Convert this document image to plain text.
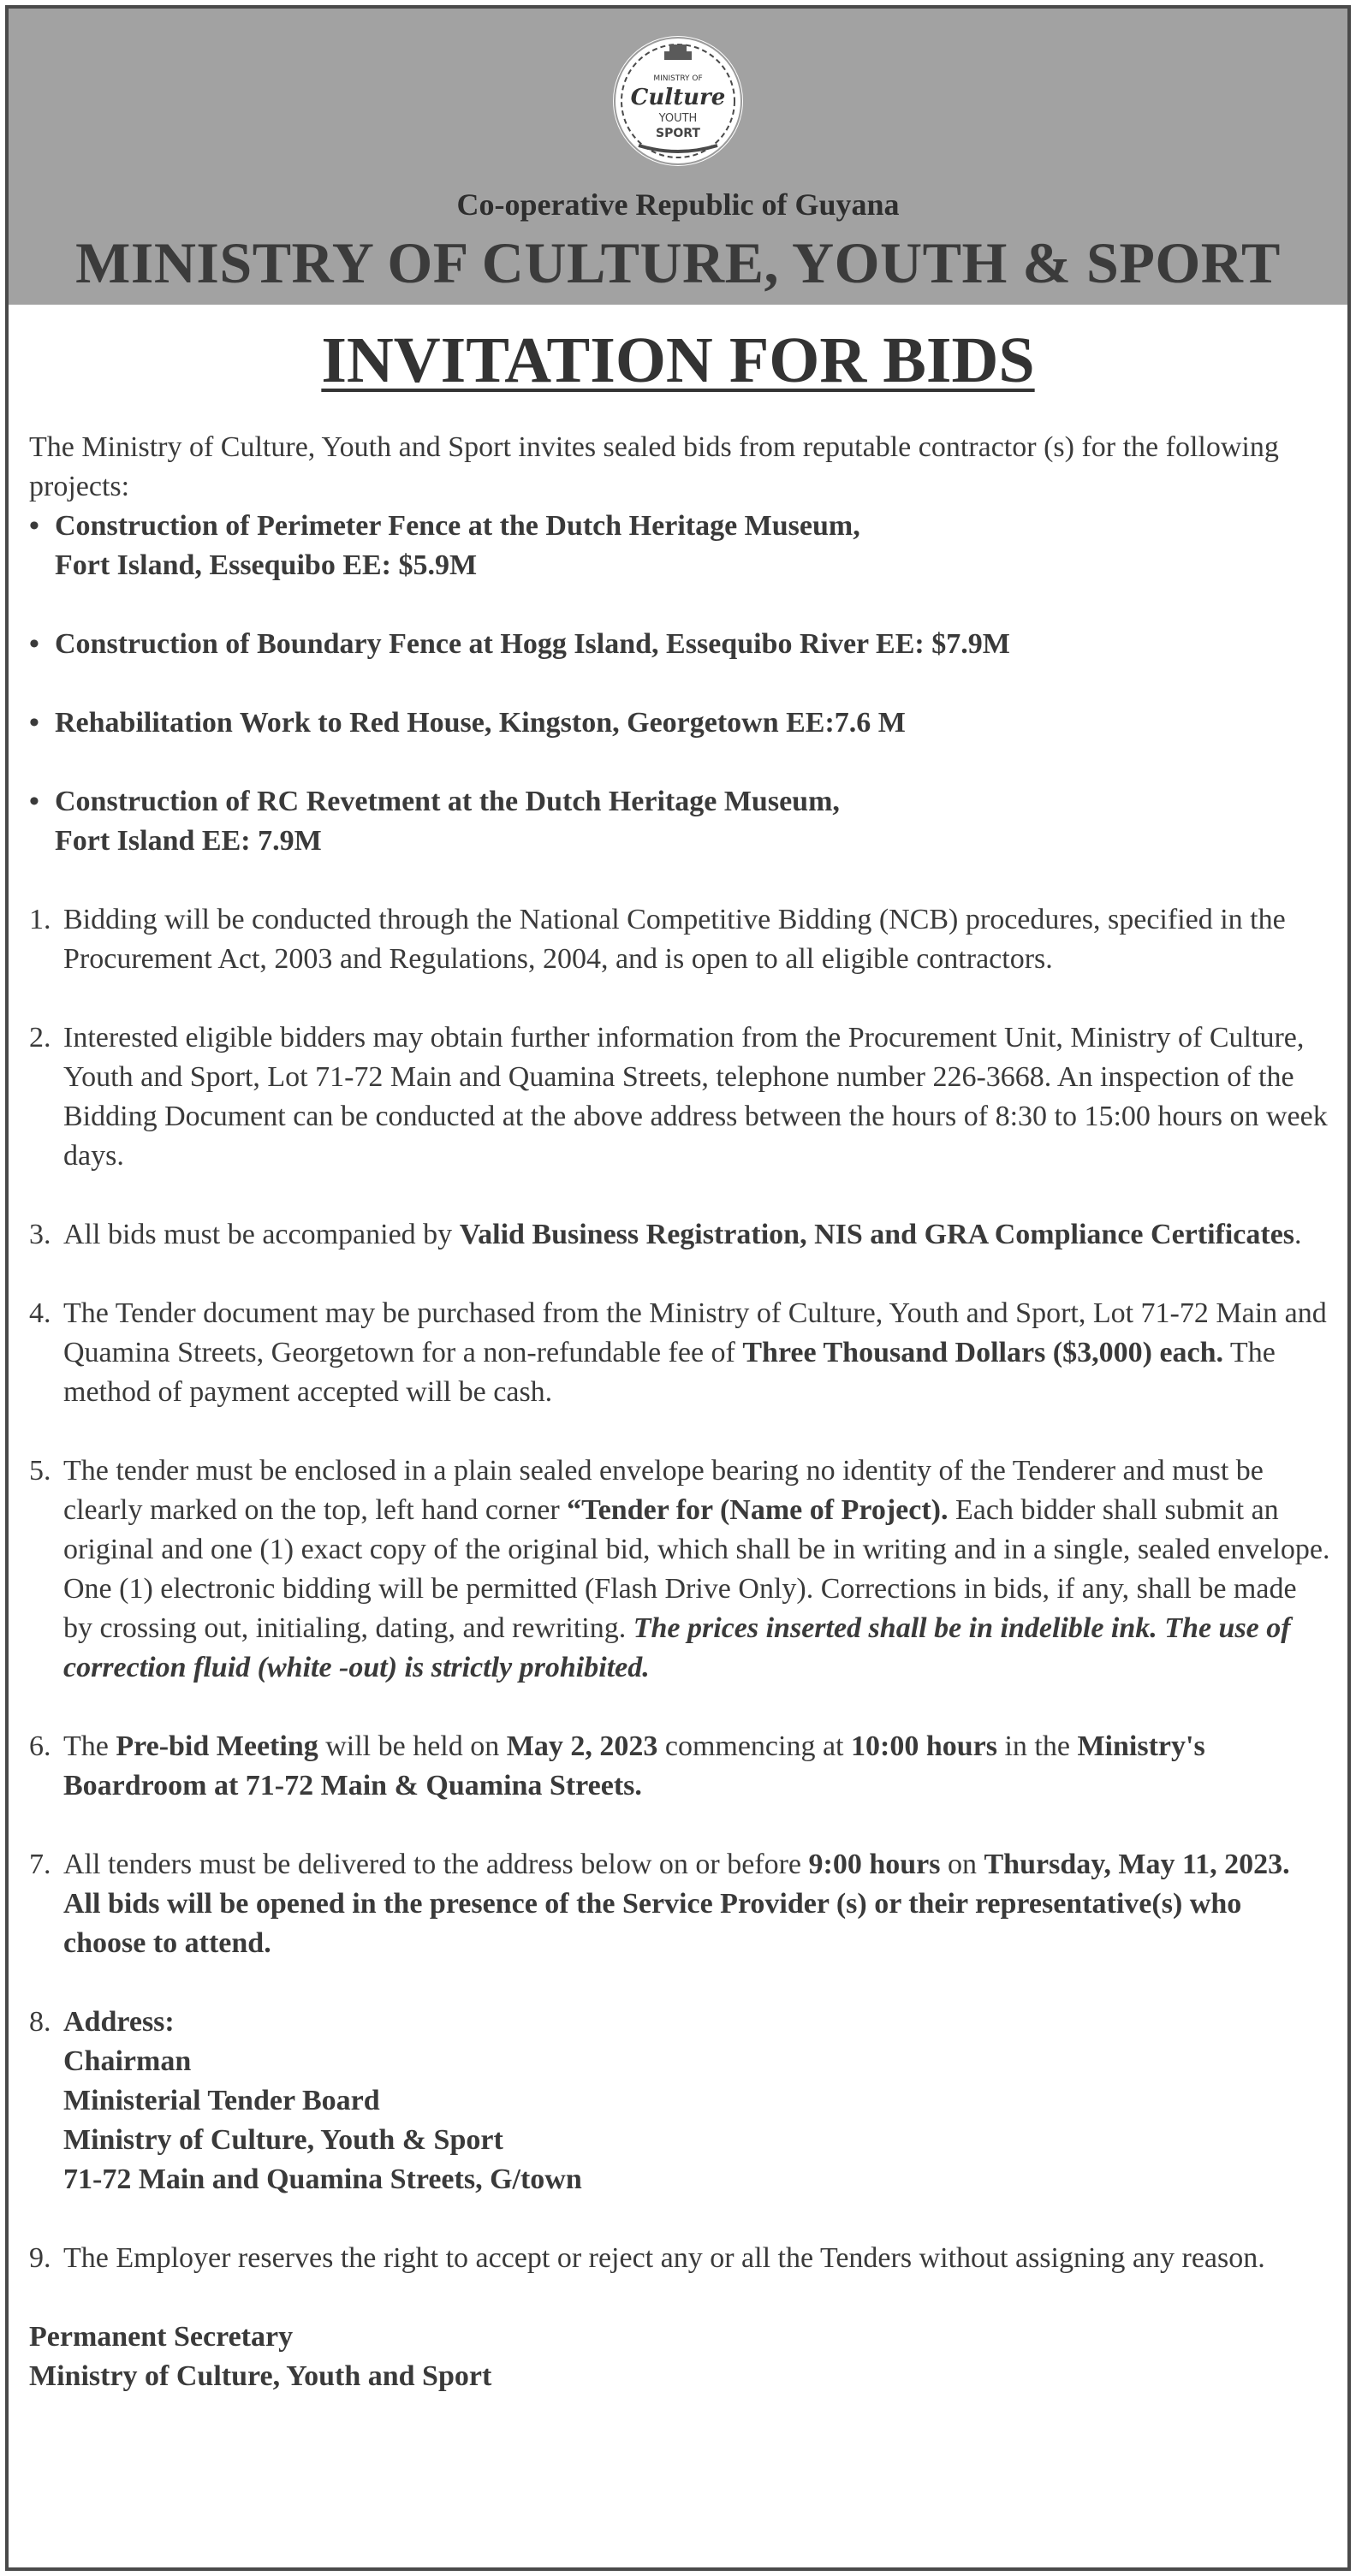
MINISTRY OF
Culture
YOUTH
SPORT
Co-operative Republic of Guyana
MINISTRY OF CULTURE, YOUTH & SPORT
INVITATION FOR BIDS

The Ministry of Culture, Youth and Sport invites sealed bids from reputable contractor (s) for the following projects:

• Construction of Perimeter Fence at the Dutch Heritage Museum,
Fort Island, Essequibo EE: $5.9M

• Construction of Boundary Fence at Hogg Island, Essequibo River EE: $7.9M

• Rehabilitation Work to Red House, Kingston, Georgetown EE:7.6 M

• Construction of RC Revetment at the Dutch Heritage Museum,
Fort Island EE: 7.9M

1. Bidding will be conducted through the National Competitive Bidding (NCB) procedures, specified in the Procurement Act, 2003 and Regulations, 2004, and is open to all eligible contractors.

2. Interested eligible bidders may obtain further information from the Procurement Unit, Ministry of Culture, Youth and Sport, Lot 71-72 Main and Quamina Streets, telephone number 226-3668. An inspection of the Bidding Document can be conducted at the above address between the hours of 8:30 to 15:00 hours on week days.

3. All bids must be accompanied by Valid Business Registration, NIS and GRA Compliance Certificates.

4. The Tender document may be purchased from the Ministry of Culture, Youth and Sport, Lot 71-72 Main and Quamina Streets, Georgetown for a non-refundable fee of Three Thousand Dollars ($3,000) each. The method of payment accepted will be cash.

5. The tender must be enclosed in a plain sealed envelope bearing no identity of the Tenderer and must be clearly marked on the top, left hand corner “Tender for (Name of Project). Each bidder shall submit an original and one (1) exact copy of the original bid, which shall be in writing and in a single, sealed envelope. One (1) electronic bidding will be permitted (Flash Drive Only). Corrections in bids, if any, shall be made by crossing out, initialing, dating, and rewriting. The prices inserted shall be in indelible ink. The use of correction fluid (white -out) is strictly prohibited.

6. The Pre-bid Meeting will be held on May 2, 2023 commencing at 10:00 hours in the Ministry's Boardroom at 71-72 Main & Quamina Streets.

7. All tenders must be delivered to the address below on or before 9:00 hours on Thursday, May 11, 2023. All bids will be opened in the presence of the Service Provider (s) or their representative(s) who choose to attend.

8. Address:
Chairman
Ministerial Tender Board
Ministry of Culture, Youth & Sport
71-72 Main and Quamina Streets, G/town

9. The Employer reserves the right to accept or reject any or all the Tenders without assigning any reason.

Permanent Secretary

Ministry of Culture, Youth and Sport
